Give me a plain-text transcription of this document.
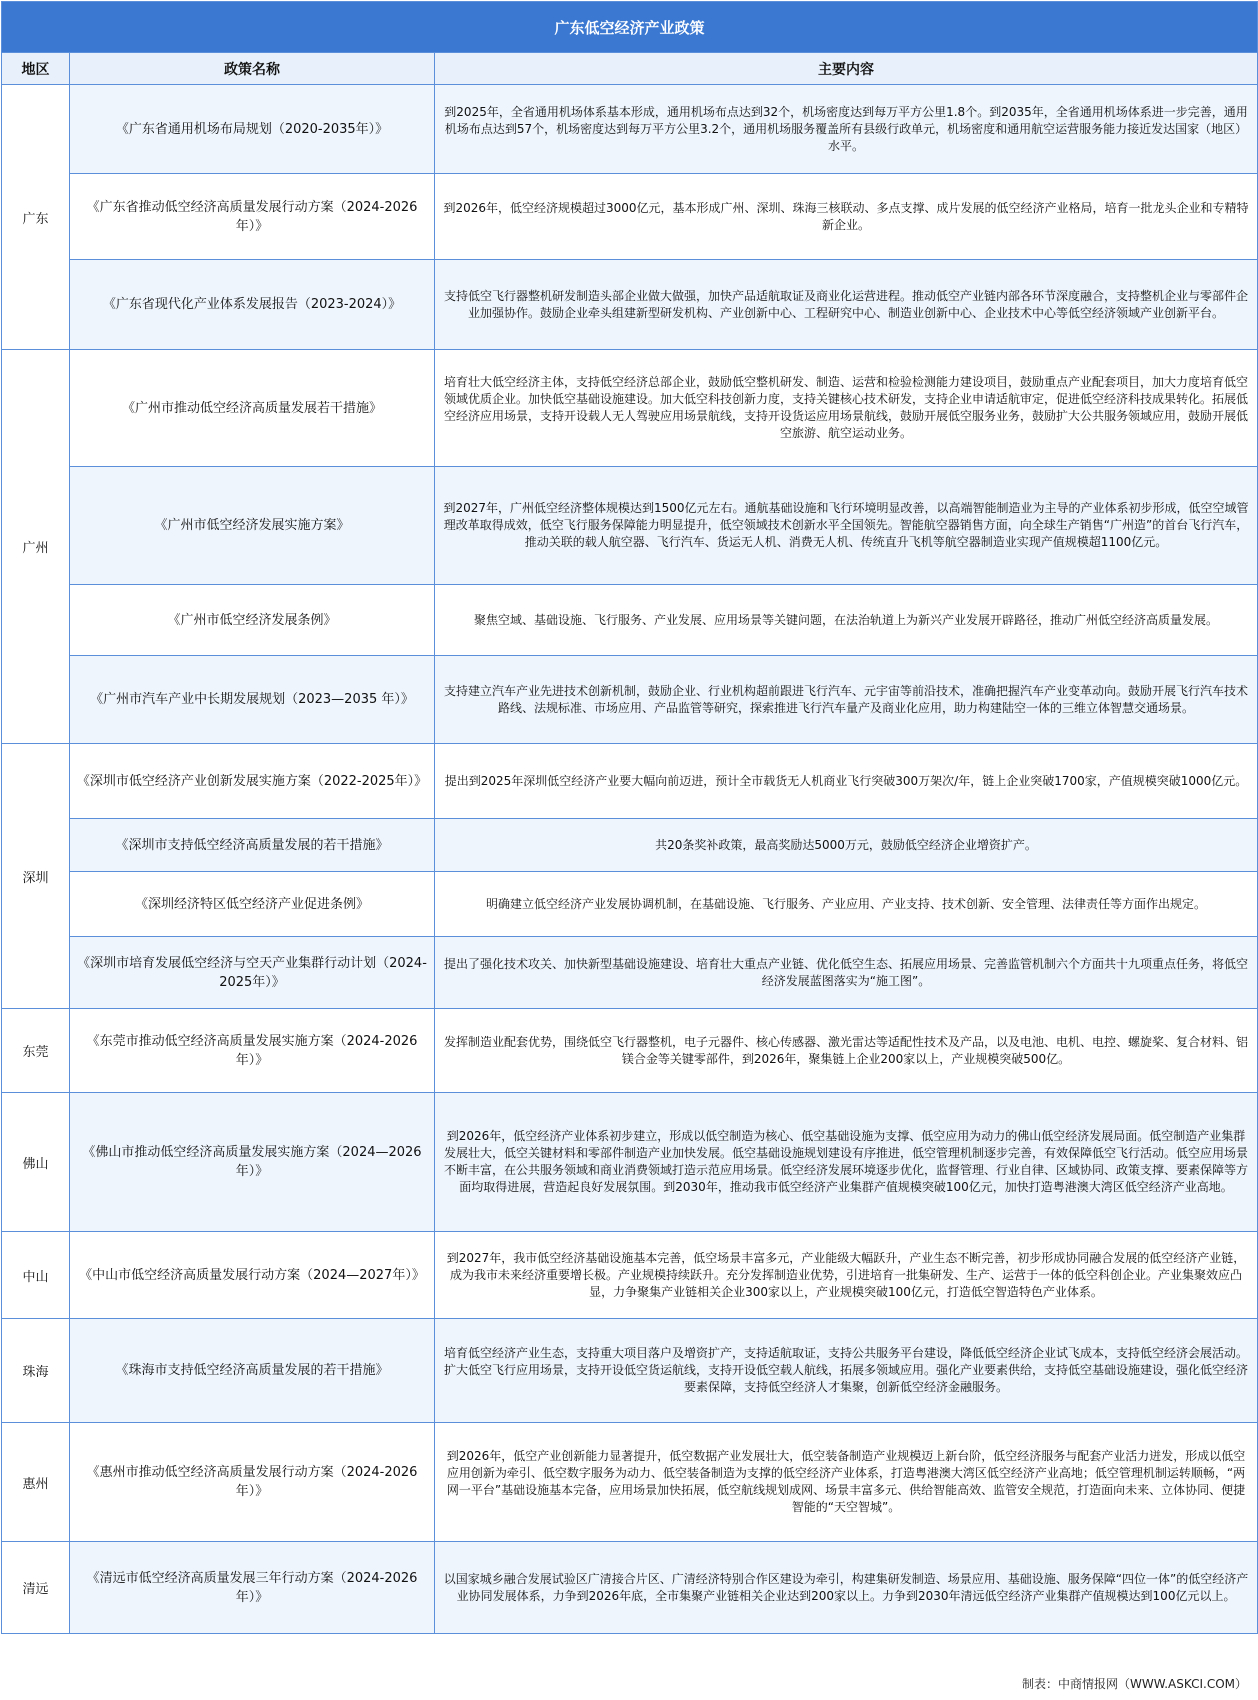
广东低空经济产业政策		
地区	政策名称	主要内容
广东	《广东省通用机场布局规划（2020-2035年）》	到2025年，全省通用机场体系基本形成，通用机场布点达到32个，机场密度达到每万平方公里1.8个。到2035年，全省通用机场体系进一步完善，通用机场布点达到57个，机场密度达到每万平方公里3.2个，通用机场服务覆盖所有县级行政单元，机场密度和通用航空运营服务能力接近发达国家（地区）水平。
	《广东省推动低空经济高质量发展行动方案（2024-2026年）》	到2026年，低空经济规模超过3000亿元，基本形成广州、深圳、珠海三核联动、多点支撑、成片发展的低空经济产业格局，培育一批龙头企业和专精特新企业。
	《广东省现代化产业体系发展报告（2023-2024）》	支持低空飞行器整机研发制造头部企业做大做强，加快产品适航取证及商业化运营进程。推动低空产业链内部各环节深度融合，支持整机企业与零部件企业加强协作。鼓励企业牵头组建新型研发机构、产业创新中心、工程研究中心、制造业创新中心、企业技术中心等低空经济领域产业创新平台。
广州	《广州市推动低空经济高质量发展若干措施》	培育壮大低空经济主体，支持低空经济总部企业，鼓励低空整机研发、制造、运营和检验检测能力建设项目，鼓励重点产业配套项目，加大力度培育低空领域优质企业。加快低空基础设施建设。加大低空科技创新力度，支持关键核心技术研发，支持企业申请适航审定，促进低空经济科技成果转化。拓展低空经济应用场景，支持开设载人无人驾驶应用场景航线，支持开设货运应用场景航线，鼓励开展低空服务业务，鼓励扩大公共服务领域应用，鼓励开展低空旅游、航空运动业务。
	《广州市低空经济发展实施方案》	到2027年，广州低空经济整体规模达到1500亿元左右。通航基础设施和飞行环境明显改善，以高端智能制造业为主导的产业体系初步形成，低空空域管理改革取得成效，低空飞行服务保障能力明显提升，低空领域技术创新水平全国领先。智能航空器销售方面，向全球生产销售“广州造”的首台飞行汽车，推动关联的载人航空器、飞行汽车、货运无人机、消费无人机、传统直升飞机等航空器制造业实现产值规模超1100亿元。
	《广州市低空经济发展条例》	聚焦空域、基础设施、飞行服务、产业发展、应用场景等关键问题，在法治轨道上为新兴产业发展开辟路径，推动广州低空经济高质量发展。
	《广州市汽车产业中长期发展规划（2023—2035 年）》	支持建立汽车产业先进技术创新机制，鼓励企业、行业机构超前跟进飞行汽车、元宇宙等前沿技术，准确把握汽车产业变革动向。鼓励开展飞行汽车技术路线、法规标准、市场应用、产品监管等研究，探索推进飞行汽车量产及商业化应用，助力构建陆空一体的三维立体智慧交通场景。
深圳	《深圳市低空经济产业创新发展实施方案（2022-2025年）》	提出到2025年深圳低空经济产业要大幅向前迈进，预计全市载货无人机商业飞行突破300万架次/年，链上企业突破1700家，产值规模突破1000亿元。
	《深圳市支持低空经济高质量发展的若干措施》	共20条奖补政策，最高奖励达5000万元，鼓励低空经济企业增资扩产。
	《深圳经济特区低空经济产业促进条例》	明确建立低空经济产业发展协调机制，在基础设施、飞行服务、产业应用、产业支持、技术创新、安全管理、法律责任等方面作出规定。
	《深圳市培育发展低空经济与空天产业集群行动计划（2024-2025年）》	提出了强化技术攻关、加快新型基础设施建设、培育壮大重点产业链、优化低空生态、拓展应用场景、完善监管机制六个方面共十九项重点任务，将低空经济发展蓝图落实为“施工图”。
东莞	《东莞市推动低空经济高质量发展实施方案（2024-2026年）》	发挥制造业配套优势，围绕低空飞行器整机，电子元器件、核心传感器、激光雷达等适配性技术及产品，以及电池、电机、电控、螺旋桨、复合材料、铝镁合金等关键零部件，到2026年，聚集链上企业200家以上，产业规模突破500亿。
佛山	《佛山市推动低空经济高质量发展实施方案（2024—2026年）》	到2026年，低空经济产业体系初步建立，形成以低空制造为核心、低空基础设施为支撑、低空应用为动力的佛山低空经济发展局面。低空制造产业集群发展壮大，低空关键材料和零部件制造产业加快发展。低空基础设施规划建设有序推进，低空管理机制逐步完善，有效保障低空飞行活动。低空应用场景不断丰富，在公共服务领域和商业消费领域打造示范应用场景。低空经济发展环境逐步优化，监督管理、行业自律、区域协同、政策支撑、要素保障等方面均取得进展，营造起良好发展氛围。到2030年，推动我市低空经济产业集群产值规模突破100亿元，加快打造粤港澳大湾区低空经济产业高地。
中山	《中山市低空经济高质量发展行动方案（2024—2027年）》	到2027年，我市低空经济基础设施基本完善，低空场景丰富多元，产业能级大幅跃升，产业生态不断完善，初步形成协同融合发展的低空经济产业链，成为我市未来经济重要增长极。产业规模持续跃升。充分发挥制造业优势，引进培育一批集研发、生产、运营于一体的低空科创企业。产业集聚效应凸显，力争聚集产业链相关企业300家以上，产业规模突破100亿元，打造低空智造特色产业体系。
珠海	《珠海市支持低空经济高质量发展的若干措施》	培育低空经济产业生态，支持重大项目落户及增资扩产，支持适航取证，支持公共服务平台建设，降低低空经济企业试飞成本，支持低空经济会展活动。扩大低空飞行应用场景，支持开设低空货运航线，支持开设低空载人航线，拓展多领域应用。强化产业要素供给，支持低空基础设施建设，强化低空经济要素保障，支持低空经济人才集聚，创新低空经济金融服务。
惠州	《惠州市推动低空经济高质量发展行动方案（2024-2026年）》	到2026年，低空产业创新能力显著提升，低空数据产业发展壮大，低空装备制造产业规模迈上新台阶，低空经济服务与配套产业活力迸发，形成以低空应用创新为牵引、低空数字服务为动力、低空装备制造为支撑的低空经济产业体系，打造粤港澳大湾区低空经济产业高地；低空管理机制运转顺畅，“两网一平台”基础设施基本完备，应用场景加快拓展，低空航线规划成网、场景丰富多元、供给智能高效、监管安全规范，打造面向未来、立体协同、便捷智能的“天空智城”。
清远	《清远市低空经济高质量发展三年行动方案（2024-2026年）》	以国家城乡融合发展试验区广清接合片区、广清经济特别合作区建设为牵引，构建集研发制造、场景应用、基础设施、服务保障“四位一体”的低空经济产业协同发展体系，力争到2026年底，全市集聚产业链相关企业达到200家以上。力争到2030年清远低空经济产业集群产值规模达到100亿元以上。
制表：中商情报网（WWW.ASKCI.COM）
